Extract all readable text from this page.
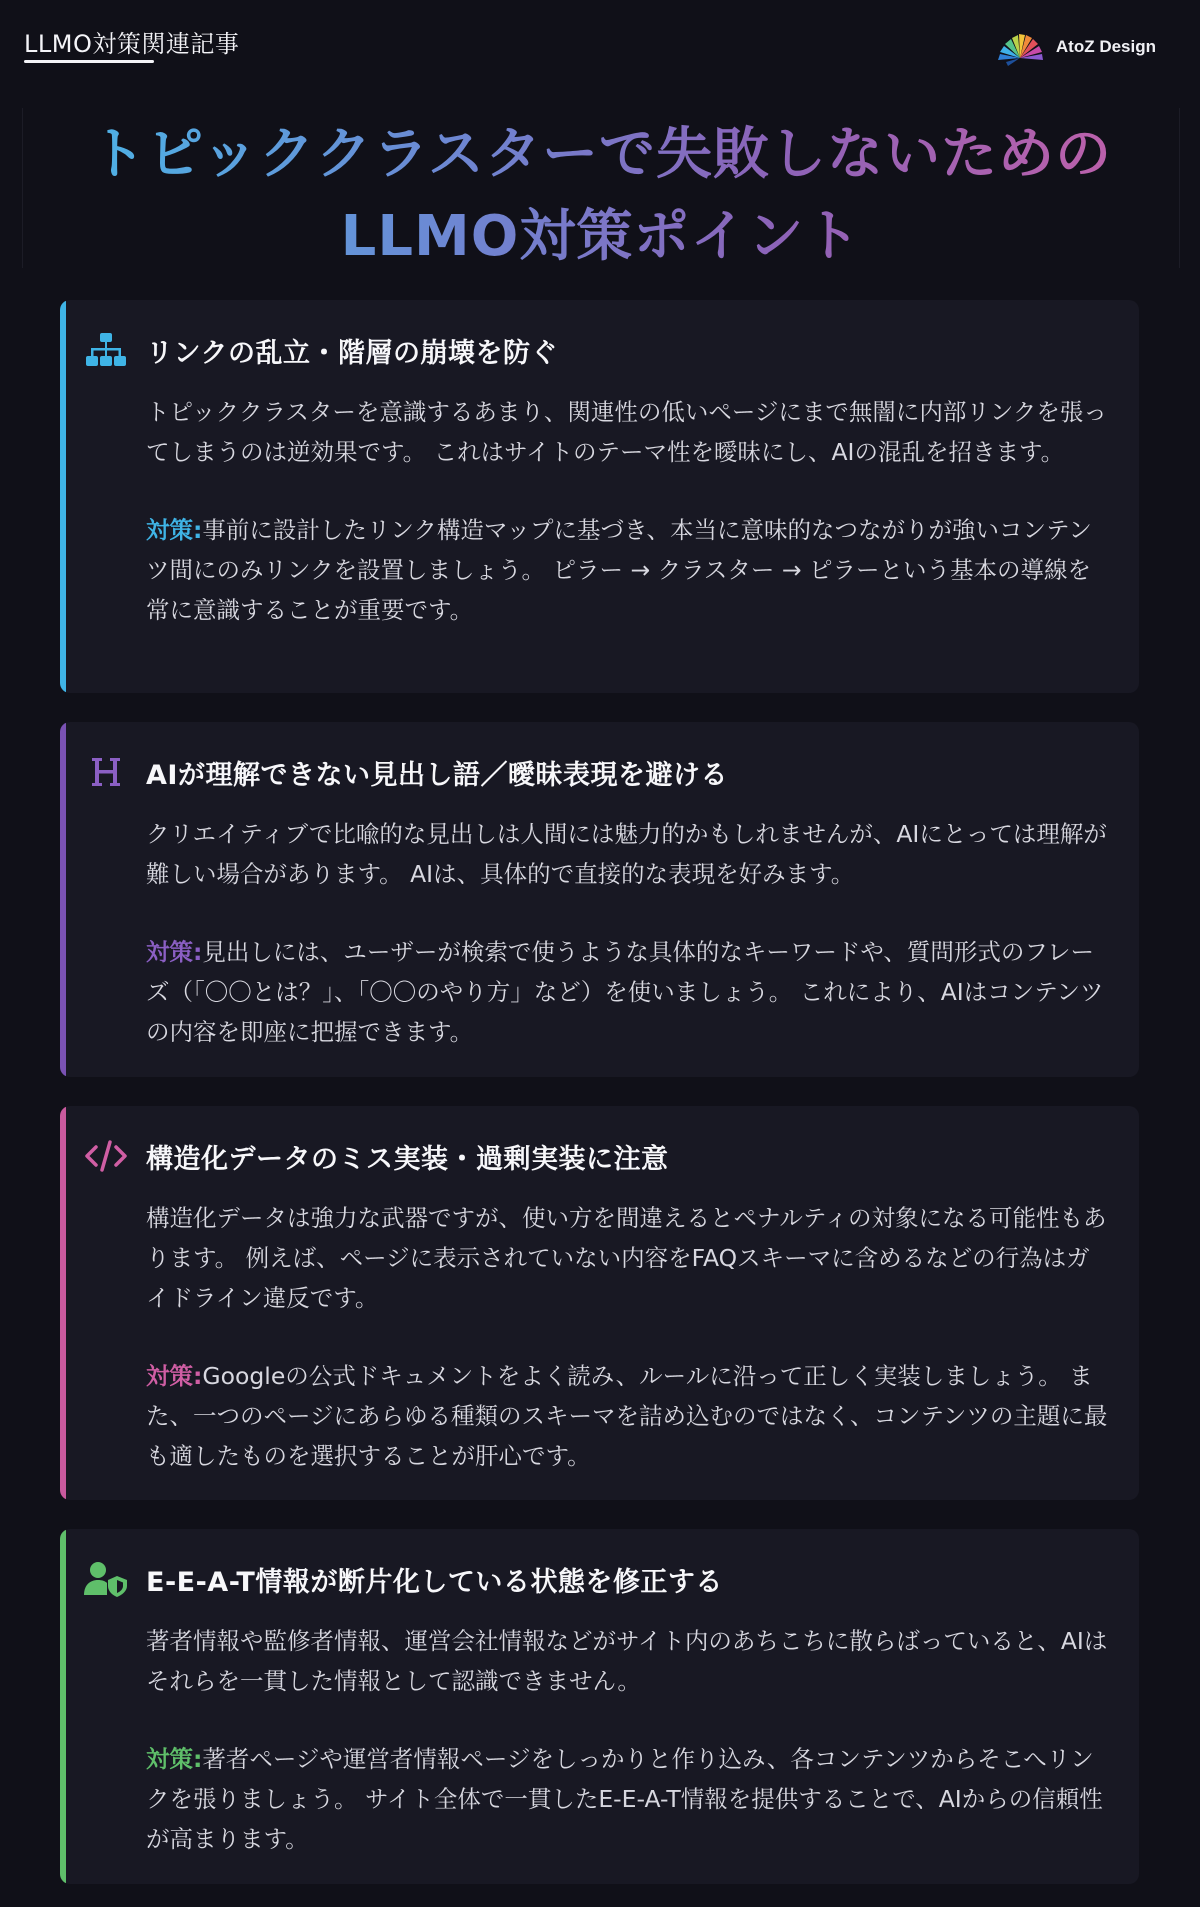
LLMO対策関連記事	AtoZ Design
トピッククラスターで失敗しないための
LLMO対策ポイント
リンクの乱立・階層の崩壊を防ぐ

トピッククラスターを意識するあまり、関連性の低いページにまで無闇に内部リンクを張ってしまうのは逆効果です。 これはサイトのテーマ性を曖昧にし、AIの混乱を招きます。

対策:事前に設計したリンク構造マップに基づき、本当に意味的なつながりが強いコンテンツ間にのみリンクを設置しましょう。 ピラー → クラスター → ピラーという基本の導線を常に意識することが重要です。

AIが理解できない見出し語／曖昧表現を避ける

クリエイティブで比喩的な見出しは人間には魅力的かもしれませんが、AIにとっては理解が難しい場合があります。 AIは、具体的で直接的な表現を好みます。

対策:見出しには、ユーザーが検索で使うような具体的なキーワードや、質問形式のフレーズ（「〇〇とは？」、「〇〇のやり方」など）を使いましょう。 これにより、AIはコンテンツの内容を即座に把握できます。

構造化データのミス実装・過剰実装に注意

構造化データは強力な武器ですが、使い方を間違えるとペナルティの対象になる可能性もあります。 例えば、ページに表示されていない内容をFAQスキーマに含めるなどの行為はガイドライン違反です。

対策:Googleの公式ドキュメントをよく読み、ルールに沿って正しく実装しましょう。 また、一つのページにあらゆる種類のスキーマを詰め込むのではなく、コンテンツの主題に最も適したものを選択することが肝心です。

E-E-A-T情報が断片化している状態を修正する

著者情報や監修者情報、運営会社情報などがサイト内のあちこちに散らばっていると、AIはそれらを一貫した情報として認識できません。

対策:著者ページや運営者情報ページをしっかりと作り込み、各コンテンツからそこへリンクを張りましょう。 サイト全体で一貫したE-E-A-T情報を提供することで、AIからの信頼性が高まります。
